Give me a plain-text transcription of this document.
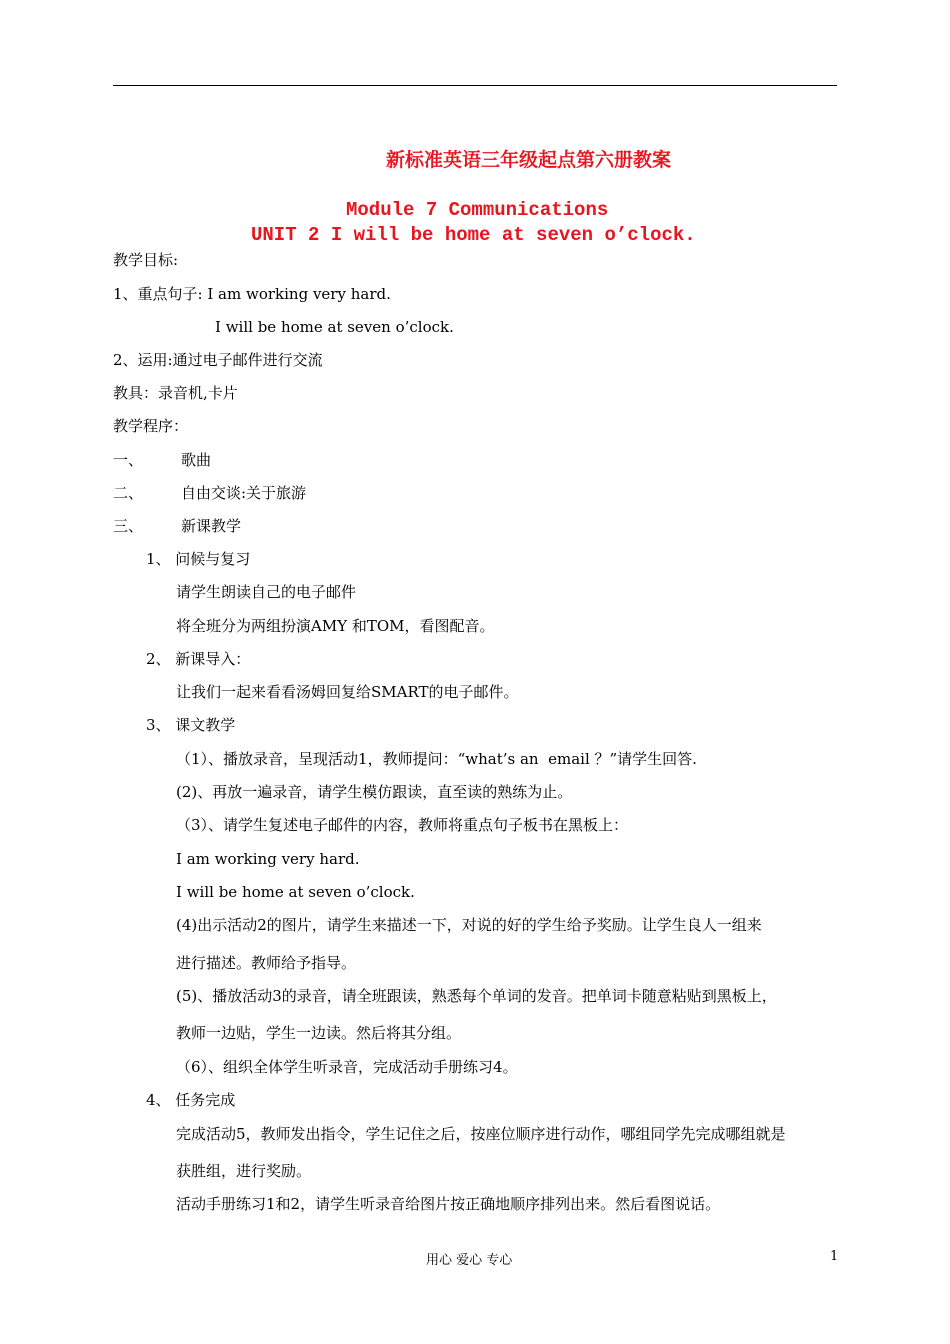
新标准英语三年级起点第六册教案
Module 7 Communications
UNIT 2 I will be home at seven o’clock.
教学目标:
1、重点句子: I am working very hard.
I will be home at seven o’clock.
2、运用:通过电子邮件进行交流
教具：录音机,卡片
教学程序：
一、	歌曲
二、	自由交谈:关于旅游
三、	新课教学
1、 问候与复习
请学生朗读自己的电子邮件
将全班分为两组扮演AMY 和TOM，看图配音。
2、 新课导入：
让我们一起来看看汤姆回复给SMART的电子邮件。
3、 课文教学
（1）、播放录音，呈现活动1，教师提问：“what’s an  email ？”请学生回答.
(2)、再放一遍录音，请学生模仿跟读，直至读的熟练为止。
（3）、请学生复述电子邮件的内容，教师将重点句子板书在黑板上：
I am working very hard.
I will be home at seven o’clock.
(4)出示活动2的图片，请学生来描述一下，对说的好的学生给予奖励。让学生良人一组来
进行描述。教师给予指导。
(5)、播放活动3的录音，请全班跟读，熟悉每个单词的发音。把单词卡随意粘贴到黑板上，
教师一边贴，学生一边读。然后将其分组。
（6）、组织全体学生听录音，完成活动手册练习4。
4、 任务完成
完成活动5，教师发出指令，学生记住之后，按座位顺序进行动作，哪组同学先完成哪组就是
获胜组，进行奖励。
活动手册练习1和2，请学生听录音给图片按正确地顺序排列出来。然后看图说话。
用心 爱心 专心	1
